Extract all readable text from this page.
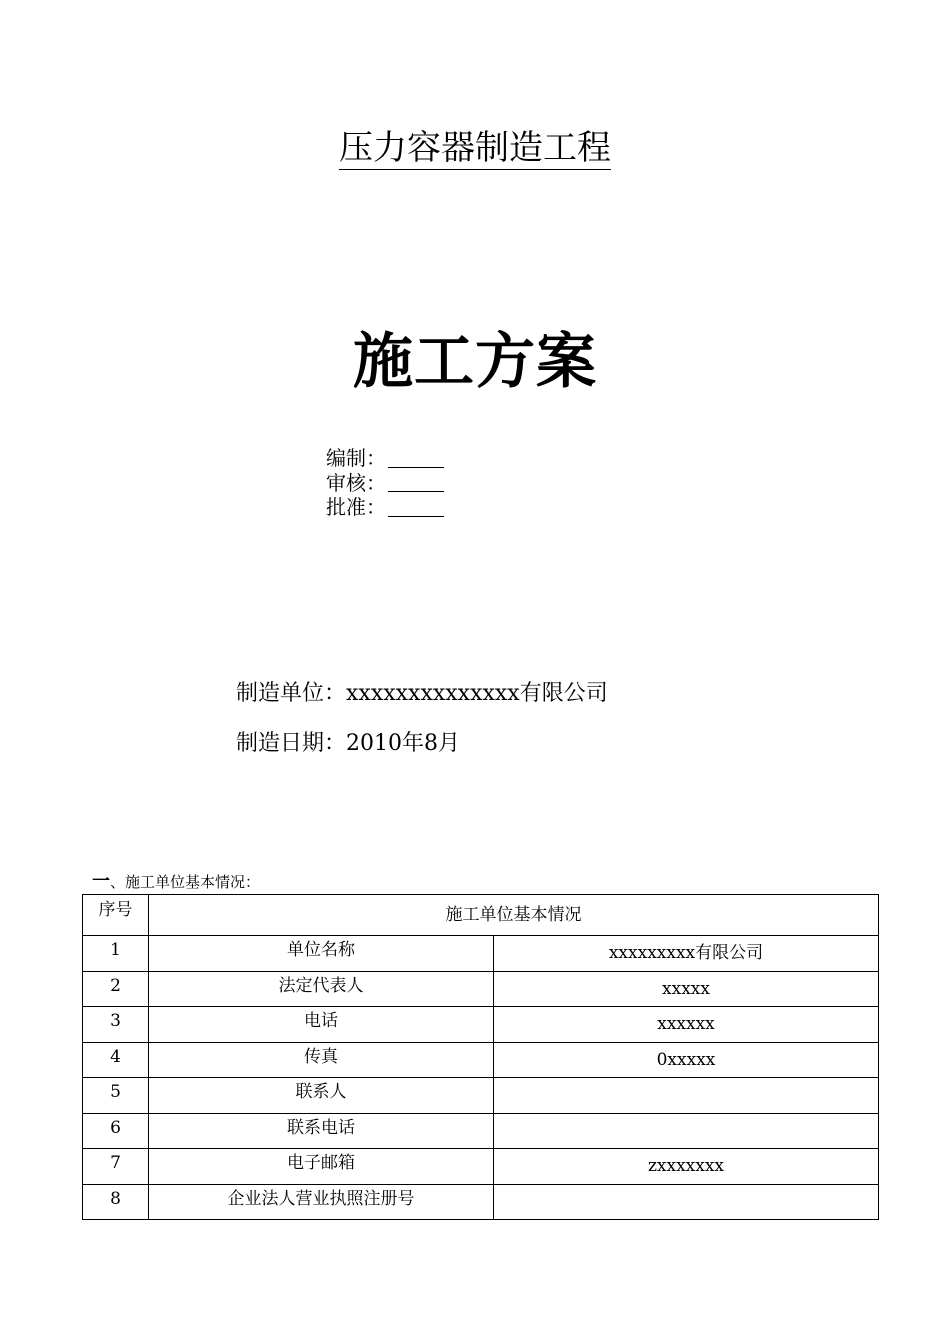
压力容器制造工程
施工方案
编制：
审核：
批准：
制造单位：xxxxxxxxxxxxxx有限公司
制造日期：2010年8月
一、施工单位基本情况：
序号	施工单位基本情况	
1	单位名称	xxxxxxxxx有限公司
2	法定代表人	xxxxx
3	电话	xxxxxx
4	传真	0xxxxx
5	联系人	
6	联系电话	
7	电子邮箱	zxxxxxxx
8	企业法人营业执照注册号	
